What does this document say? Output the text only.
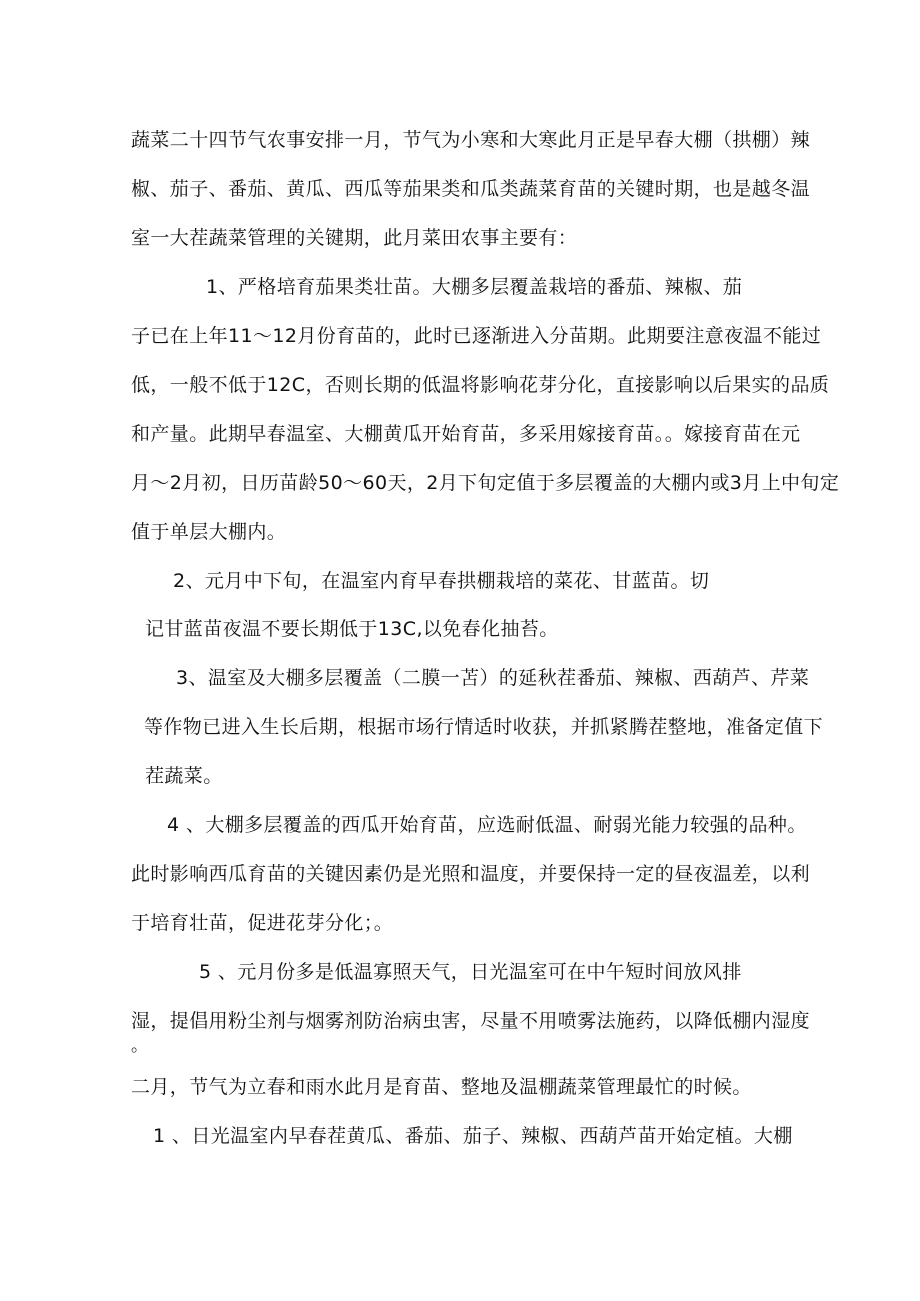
蔬菜二十四节气农事安排一月，节气为小寒和大寒此月正是早春大棚（拱棚）辣
椒、茄子、番茄、黄瓜、西瓜等茄果类和瓜类蔬菜育苗的关键时期，也是越冬温
室一大茬蔬菜管理的关键期，此月菜田农事主要有：
1、严格培育茄果类壮苗。大棚多层覆盖栽培的番茄、辣椒、茄
子已在上年11～12月份育苗的，此时已逐渐进入分苗期。此期要注意夜温不能过
低，一般不低于12C，否则长期的低温将影响花芽分化，直接影响以后果实的品质
和产量。此期早春温室、大棚黄瓜开始育苗，多采用嫁接育苗。。嫁接育苗在元
月～2月初，日历苗龄50～60天，2月下旬定值于多层覆盖的大棚内或3月上中旬定
值于单层大棚内。
2、元月中下旬，在温室内育早春拱棚栽培的菜花、甘蓝苗。切
记甘蓝苗夜温不要长期低于13C,以免春化抽苔。
3、温室及大棚多层覆盖（二膜一苫）的延秋茬番茄、辣椒、西葫芦、芹菜
等作物已进入生长后期，根据市场行情适时收获，并抓紧腾茬整地，准备定值下
茬蔬菜。
4 、大棚多层覆盖的西瓜开始育苗，应选耐低温、耐弱光能力较强的品种。
此时影响西瓜育苗的关键因素仍是光照和温度，并要保持一定的昼夜温差，以利
于培育壮苗，促进花芽分化；。
5 、元月份多是低温寡照天气，日光温室可在中午短时间放风排
湿，提倡用粉尘剂与烟雾剂防治病虫害，尽量不用喷雾法施药，以降低棚内湿度
。
二月，节气为立春和雨水此月是育苗、整地及温棚蔬菜管理最忙的时候。
1 、日光温室内早春茬黄瓜、番茄、茄子、辣椒、西葫芦苗开始定植。大棚
